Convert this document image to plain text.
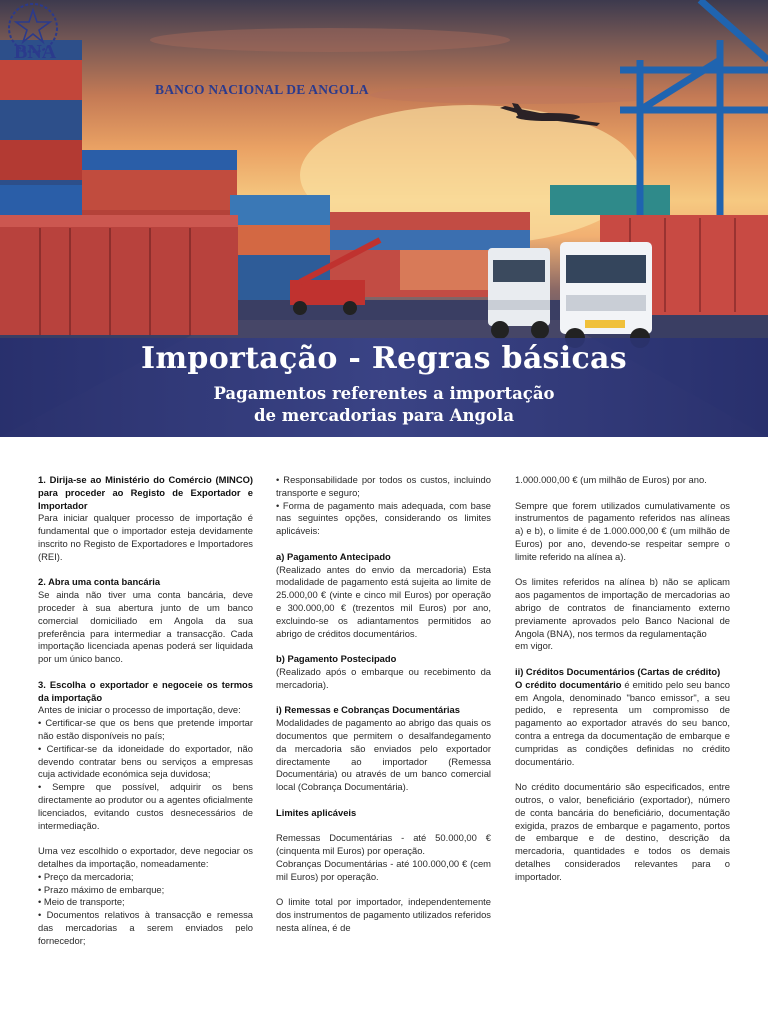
BNA
BANCO NACIONAL DE ANGOLA
Importação - Regras básicas
Pagamentos referentes a importação
de mercadorias para Angola
1. Dirija-se ao Ministério do Comércio (MINCO) para proceder ao Registo de Exportador e Importador
Para iniciar qualquer processo de importação é fundamental que o importador esteja devidamente inscrito no Registo de Exportadores e Importadores (REI).
2. Abra uma conta bancária
Se ainda não tiver uma conta bancária, deve proceder à sua abertura junto de um banco comercial domiciliado em Angola da sua preferência para intermediar a transacção. Cada importação licenciada apenas poderá ser liquidada por um único banco.
3. Escolha o exportador e negoceie os termos da importação
Antes de iniciar o processo de importação, deve:
• Certificar-se que os bens que pretende importar não estão disponíveis no país;
• Certificar-se da idoneidade do exportador, não devendo contratar bens ou serviços a empresas cuja actividade económica seja duvidosa;
• Sempre que possível, adquirir os bens directamente ao produtor ou a agentes oficialmente licenciados, evitando custos desnecessários de intermediação.
Uma vez escolhido o exportador, deve negociar os detalhes da importação, nomeadamente:
• Preço da mercadoria;
• Prazo máximo de embarque;
• Meio de transporte;
• Documentos relativos à transacção e remessa das mercadorias a serem enviados pelo fornecedor;
• Responsabilidade por todos os custos, incluindo transporte e seguro;
• Forma de pagamento mais adequada, com base nas seguintes opções, considerando os limites aplicáveis:
a) Pagamento Antecipado
(Realizado antes do envio da mercadoria) Esta modalidade de pagamento está sujeita ao limite de 25.000,00 € (vinte e cinco mil Euros) por operação e 300.000,00 € (trezentos mil Euros) por ano, excluindo-se os adiantamentos permitidos ao abrigo de créditos documentários.
b) Pagamento Postecipado
(Realizado após o embarque ou recebimento da mercadoria).
i) Remessas e Cobranças Documentárias
Modalidades de pagamento ao abrigo das quais os documentos que permitem o desalfandegamento da mercadoria são enviados pelo exportador directamente ao importador (Remessa Documentária) ou através de um banco comercial local (Cobrança Documentária).
Limites aplicáveis
Remessas Documentárias - até 50.000,00 € (cinquenta mil Euros) por operação.
Cobranças Documentárias - até 100.000,00 € (cem mil Euros) por operação.
O limite total por importador, independentemente dos instrumentos de pagamento utilizados referidos nesta alínea, é de
1.000.000,00 € (um milhão de Euros) por ano.
Sempre que forem utilizados cumulativamente os instrumentos de pagamento referidos nas alíneas a) e b), o limite é de 1.000.000,00 € (um milhão de Euros) por ano, devendo-se respeitar sempre o limite referido na alínea a).
Os limites referidos na alínea b) não se aplicam aos pagamentos de importação de mercadorias ao abrigo de contratos de financiamento externo previamente aprovados pelo Banco Nacional de Angola (BNA), nos termos da regulamentação
em vigor.
ii) Créditos Documentários (Cartas de crédito)
O crédito documentário é emitido pelo seu banco em Angola, denominado "banco emissor", a seu pedido, e representa um compromisso de pagamento ao exportador através do seu banco, contra a entrega da documentação de embarque e cumpridas as condições definidas no crédito documentário.
No crédito documentário são especificados, entre outros, o valor, beneficiário (exportador), número de conta bancária do beneficiário, documentação exigida, prazos de embarque e pagamento, portos de embarque e de destino, descrição da mercadoria, quantidades e todos os demais detalhes considerados relevantes para o importador.
